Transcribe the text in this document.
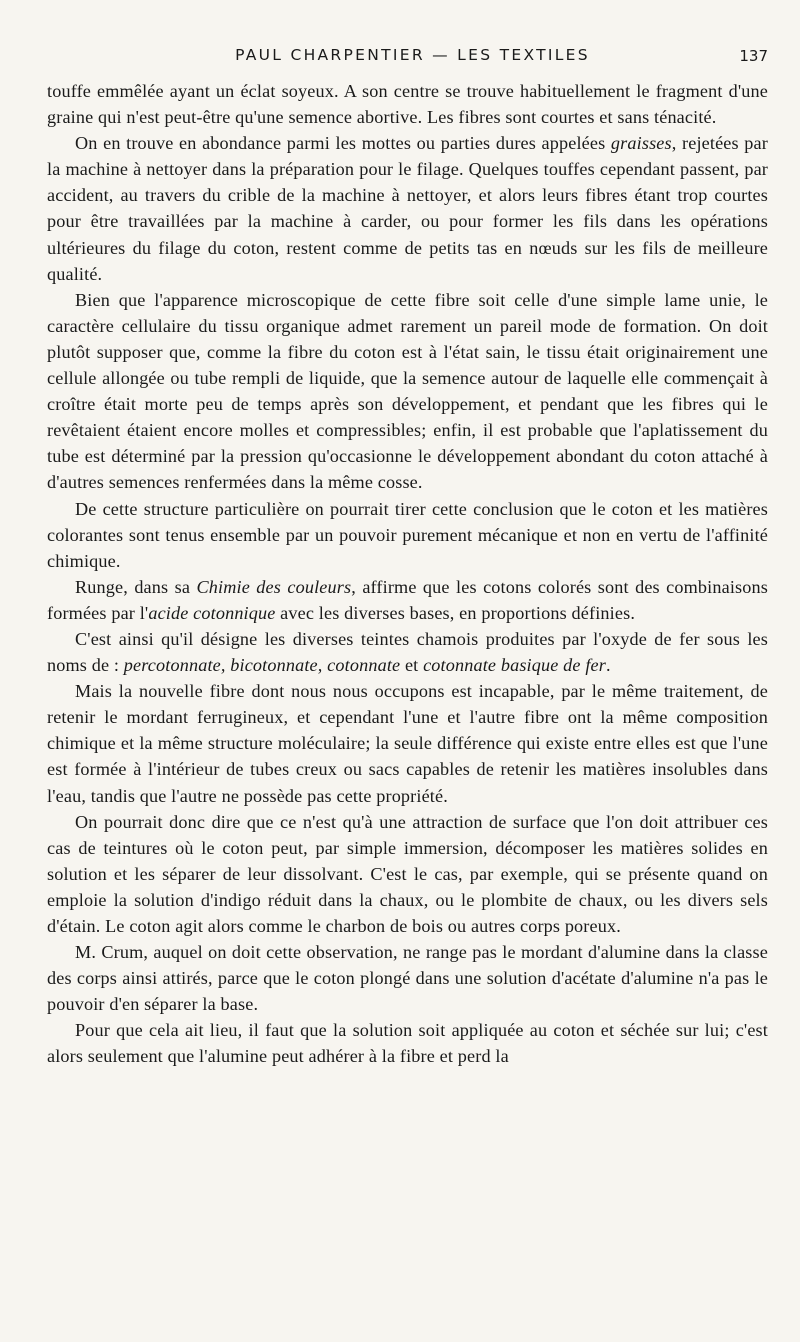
PAUL CHARPENTIER — LES TEXTILES	137

touffe emmêlée ayant un éclat soyeux. A son centre se trouve habituellement le fragment d'une graine qui n'est peut-être qu'une semence abortive. Les fibres sont courtes et sans ténacité.

On en trouve en abondance parmi les mottes ou parties dures appelées graisses, rejetées par la machine à nettoyer dans la préparation pour le filage. Quelques touffes cependant passent, par accident, au travers du crible de la machine à nettoyer, et alors leurs fibres étant trop courtes pour être travaillées par la machine à carder, ou pour former les fils dans les opérations ultérieures du filage du coton, restent comme de petits tas en nœuds sur les fils de meilleure qualité.

Bien que l'apparence microscopique de cette fibre soit celle d'une simple lame unie, le caractère cellulaire du tissu organique admet rarement un pareil mode de formation. On doit plutôt supposer que, comme la fibre du coton est à l'état sain, le tissu était originairement une cellule allongée ou tube rempli de liquide, que la semence autour de laquelle elle commençait à croître était morte peu de temps après son développement, et pendant que les fibres qui le revêtaient étaient encore molles et compressibles; enfin, il est probable que l'aplatissement du tube est déterminé par la pression qu'occasionne le développement abondant du coton attaché à d'autres semences renfermées dans la même cosse.

De cette structure particulière on pourrait tirer cette conclusion que le coton et les matières colorantes sont tenus ensemble par un pouvoir purement mécanique et non en vertu de l'affinité chimique.

Runge, dans sa Chimie des couleurs, affirme que les cotons colorés sont des combinaisons formées par l'acide cotonnique avec les diverses bases, en proportions définies.

C'est ainsi qu'il désigne les diverses teintes chamois produites par l'oxyde de fer sous les noms de : percotonnate, bicotonnate, cotonnate et cotonnate basique de fer.

Mais la nouvelle fibre dont nous nous occupons est incapable, par le même traitement, de retenir le mordant ferrugineux, et cependant l'une et l'autre fibre ont la même composition chimique et la même structure moléculaire; la seule différence qui existe entre elles est que l'une est formée à l'intérieur de tubes creux ou sacs capables de retenir les matières insolubles dans l'eau, tandis que l'autre ne possède pas cette propriété.

On pourrait donc dire que ce n'est qu'à une attraction de surface que l'on doit attribuer ces cas de teintures où le coton peut, par simple immersion, décomposer les matières solides en solution et les séparer de leur dissolvant. C'est le cas, par exemple, qui se présente quand on emploie la solution d'indigo réduit dans la chaux, ou le plombite de chaux, ou les divers sels d'étain. Le coton agit alors comme le charbon de bois ou autres corps poreux.

M. Crum, auquel on doit cette observation, ne range pas le mordant d'alumine dans la classe des corps ainsi attirés, parce que le coton plongé dans une solution d'acétate d'alumine n'a pas le pouvoir d'en séparer la base.

Pour que cela ait lieu, il faut que la solution soit appliquée au coton et séchée sur lui; c'est alors seulement que l'alumine peut adhérer à la fibre et perd la
